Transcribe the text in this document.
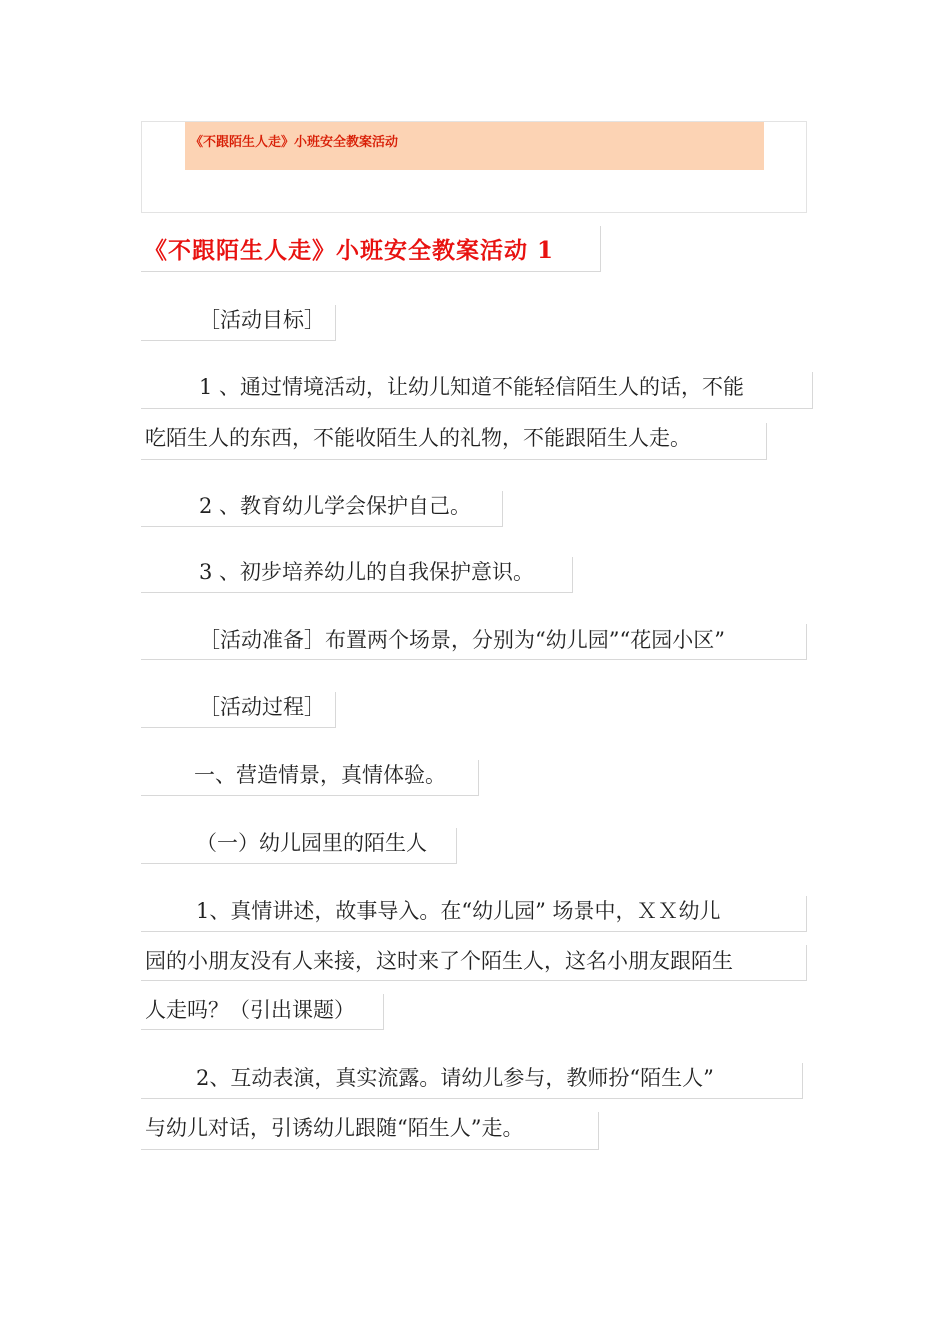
《不跟陌生人走》小班安全教案活动
《不跟陌生人走》小班安全教案活动 1
［活动目标］
1 、通过情境活动，让幼儿知道不能轻信陌生人的话，不能
吃陌生人的东西，不能收陌生人的礼物，不能跟陌生人走。
2 、教育幼儿学会保护自己。
3 、初步培养幼儿的自我保护意识。
［活动准备］布置两个场景，分别为“幼儿园”“花园小区”
［活动过程］
一、营造情景，真情体验。
（一）幼儿园里的陌生人
1、真情讲述，故事导入。在“幼儿园” 场景中，ＸＸ幼儿
园的小朋友没有人来接，这时来了个陌生人，这名小朋友跟陌生
人走吗？（引出课题）
2、互动表演，真实流露。请幼儿参与，教师扮“陌生人”
与幼儿对话，引诱幼儿跟随“陌生人”走。
